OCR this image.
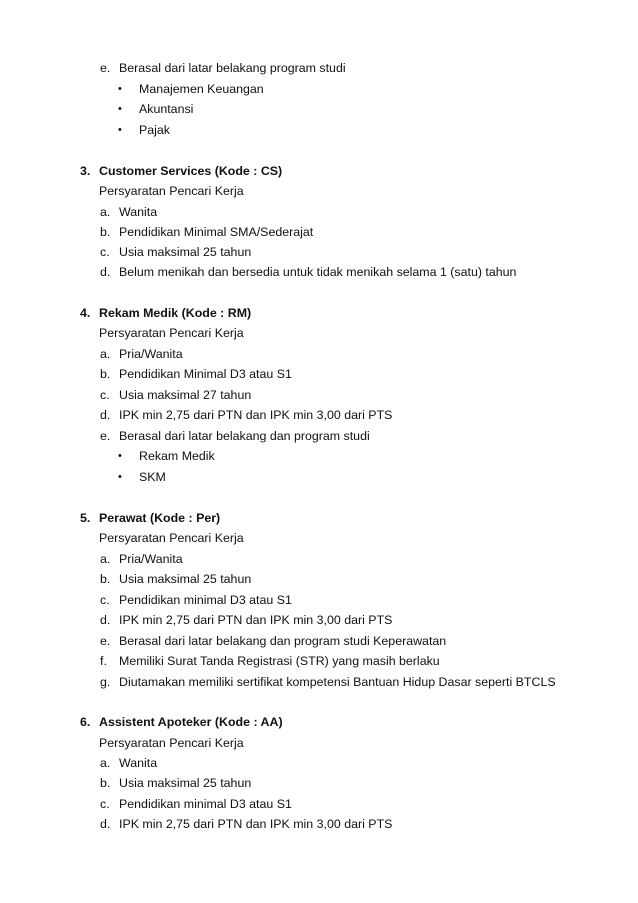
e. Berasal dari latar belakang program studi
• Manajemen Keuangan
• Akuntansi
• Pajak
3. Customer Services (Kode : CS)
Persyaratan Pencari Kerja
a. Wanita
b. Pendidikan Minimal SMA/Sederajat
c. Usia maksimal 25 tahun
d. Belum menikah dan bersedia untuk tidak menikah selama 1 (satu) tahun
4. Rekam Medik (Kode : RM)
Persyaratan Pencari Kerja
a. Pria/Wanita
b. Pendidikan Minimal D3 atau S1
c. Usia maksimal 27 tahun
d. IPK min 2,75 dari PTN dan IPK min 3,00 dari PTS
e. Berasal dari latar belakang dan program studi
• Rekam Medik
• SKM
5. Perawat (Kode : Per)
Persyaratan Pencari Kerja
a. Pria/Wanita
b. Usia maksimal 25 tahun
c. Pendidikan minimal D3 atau S1
d. IPK min 2,75 dari PTN dan IPK min 3,00 dari PTS
e. Berasal dari latar belakang dan program studi Keperawatan
f. Memiliki Surat Tanda Registrasi (STR) yang masih berlaku
g. Diutamakan memiliki sertifikat kompetensi Bantuan Hidup Dasar seperti BTCLS
6. Assistent Apoteker (Kode : AA)
Persyaratan Pencari Kerja
a. Wanita
b. Usia maksimal 25 tahun
c. Pendidikan minimal D3 atau S1
d. IPK min 2,75 dari PTN dan IPK min 3,00 dari PTS
